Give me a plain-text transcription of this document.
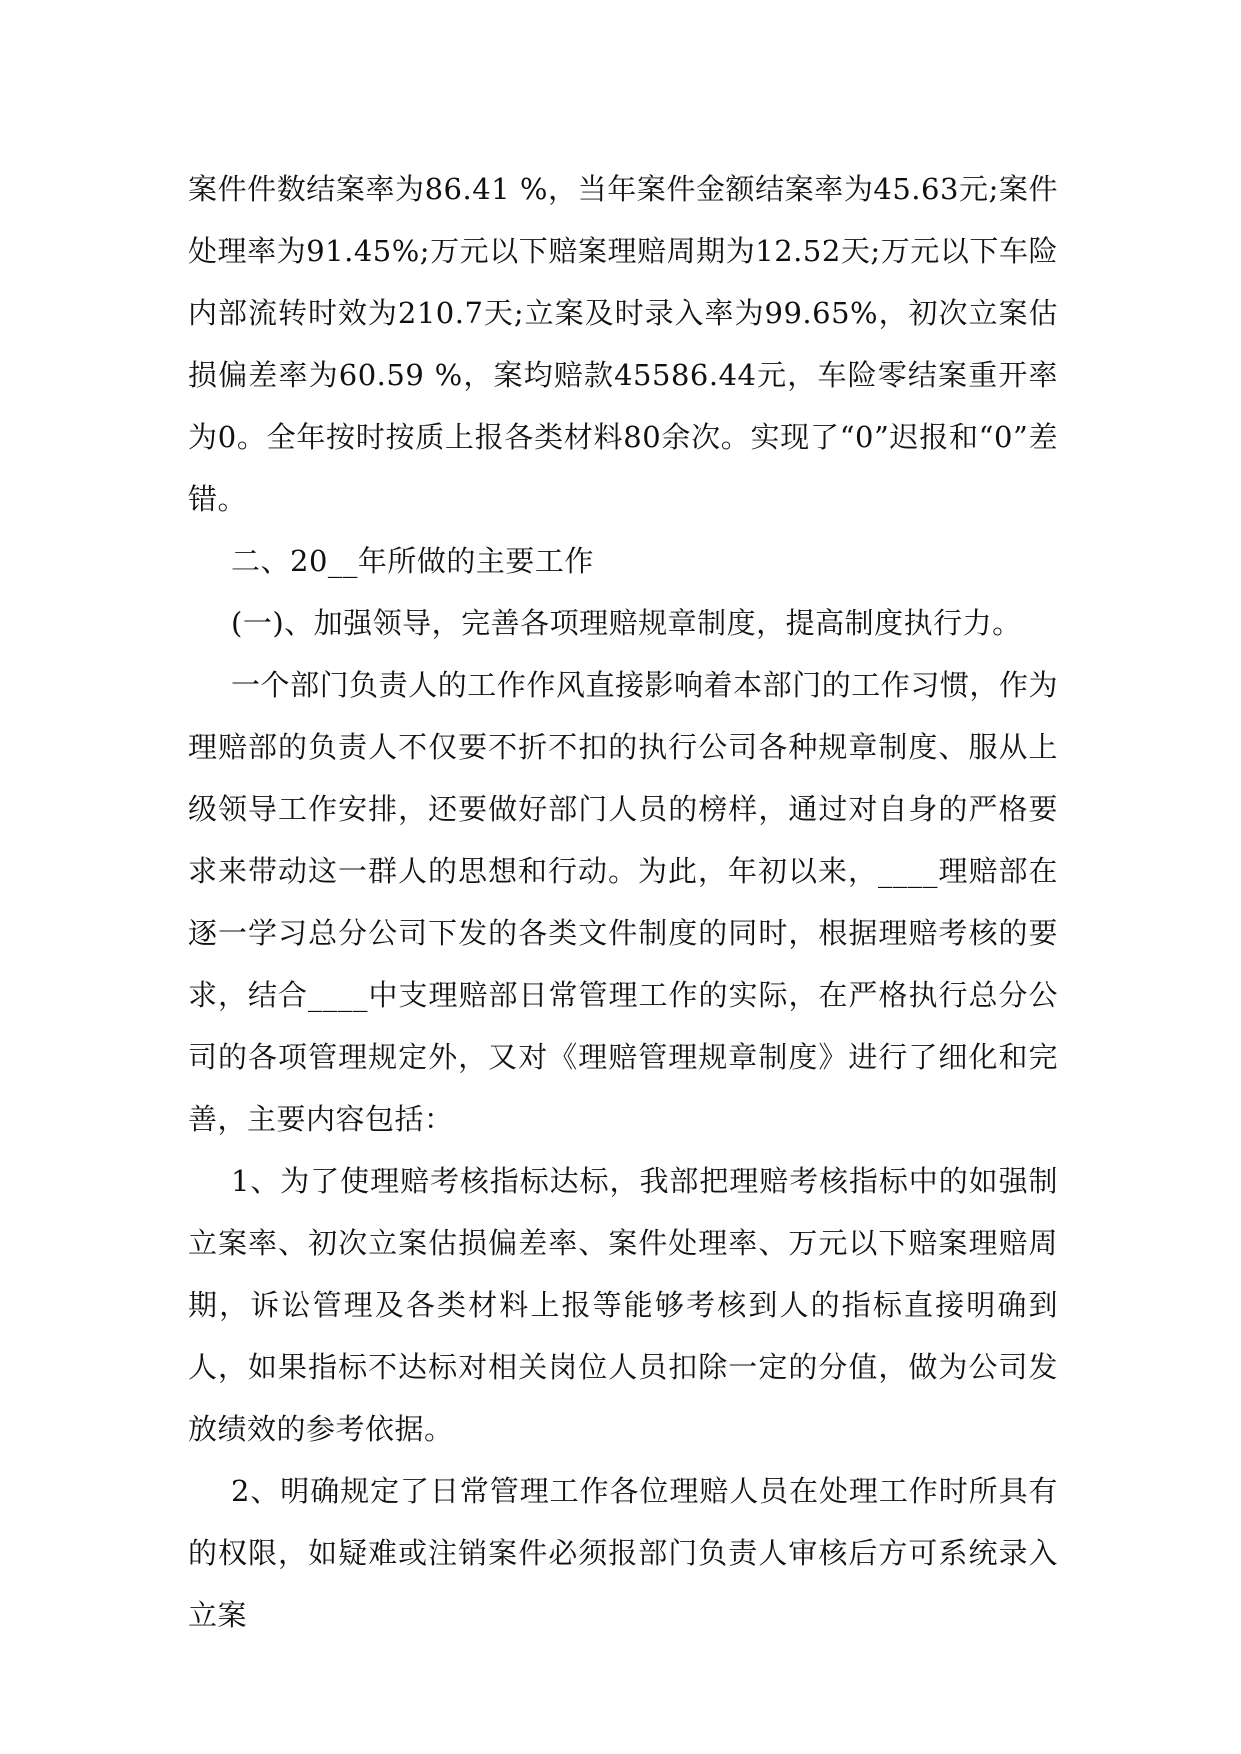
案件件数结案率为86.41 %，当年案件金额结案率为45.63元;案件处理率为91.45%;万元以下赔案理赔周期为12.52天;万元以下车险内部流转时效为210.7天;立案及时录入率为99.65%，初次立案估损偏差率为60.59 %，案均赔款45586.44元，车险零结案重开率为0。全年按时按质上报各类材料80余次。实现了“0”迟报和“0”差错。

二、20__年所做的主要工作

(一)、加强领导，完善各项理赔规章制度，提高制度执行力。

一个部门负责人的工作作风直接影响着本部门的工作习惯，作为理赔部的负责人不仅要不折不扣的执行公司各种规章制度、服从上级领导工作安排，还要做好部门人员的榜样，通过对自身的严格要求来带动这一群人的思想和行动。为此，年初以来，____理赔部在逐一学习总分公司下发的各类文件制度的同时，根据理赔考核的要求，结合____中支理赔部日常管理工作的实际，在严格执行总分公司的各项管理规定外，又对《理赔管理规章制度》进行了细化和完善，主要内容包括：

1、为了使理赔考核指标达标，我部把理赔考核指标中的如强制立案率、初次立案估损偏差率、案件处理率、万元以下赔案理赔周期，诉讼管理及各类材料上报等能够考核到人的指标直接明确到人，如果指标不达标对相关岗位人员扣除一定的分值，做为公司发放绩效的参考依据。

2、明确规定了日常管理工作各位理赔人员在处理工作时所具有的权限，如疑难或注销案件必须报部门负责人审核后方可系统录入立案
